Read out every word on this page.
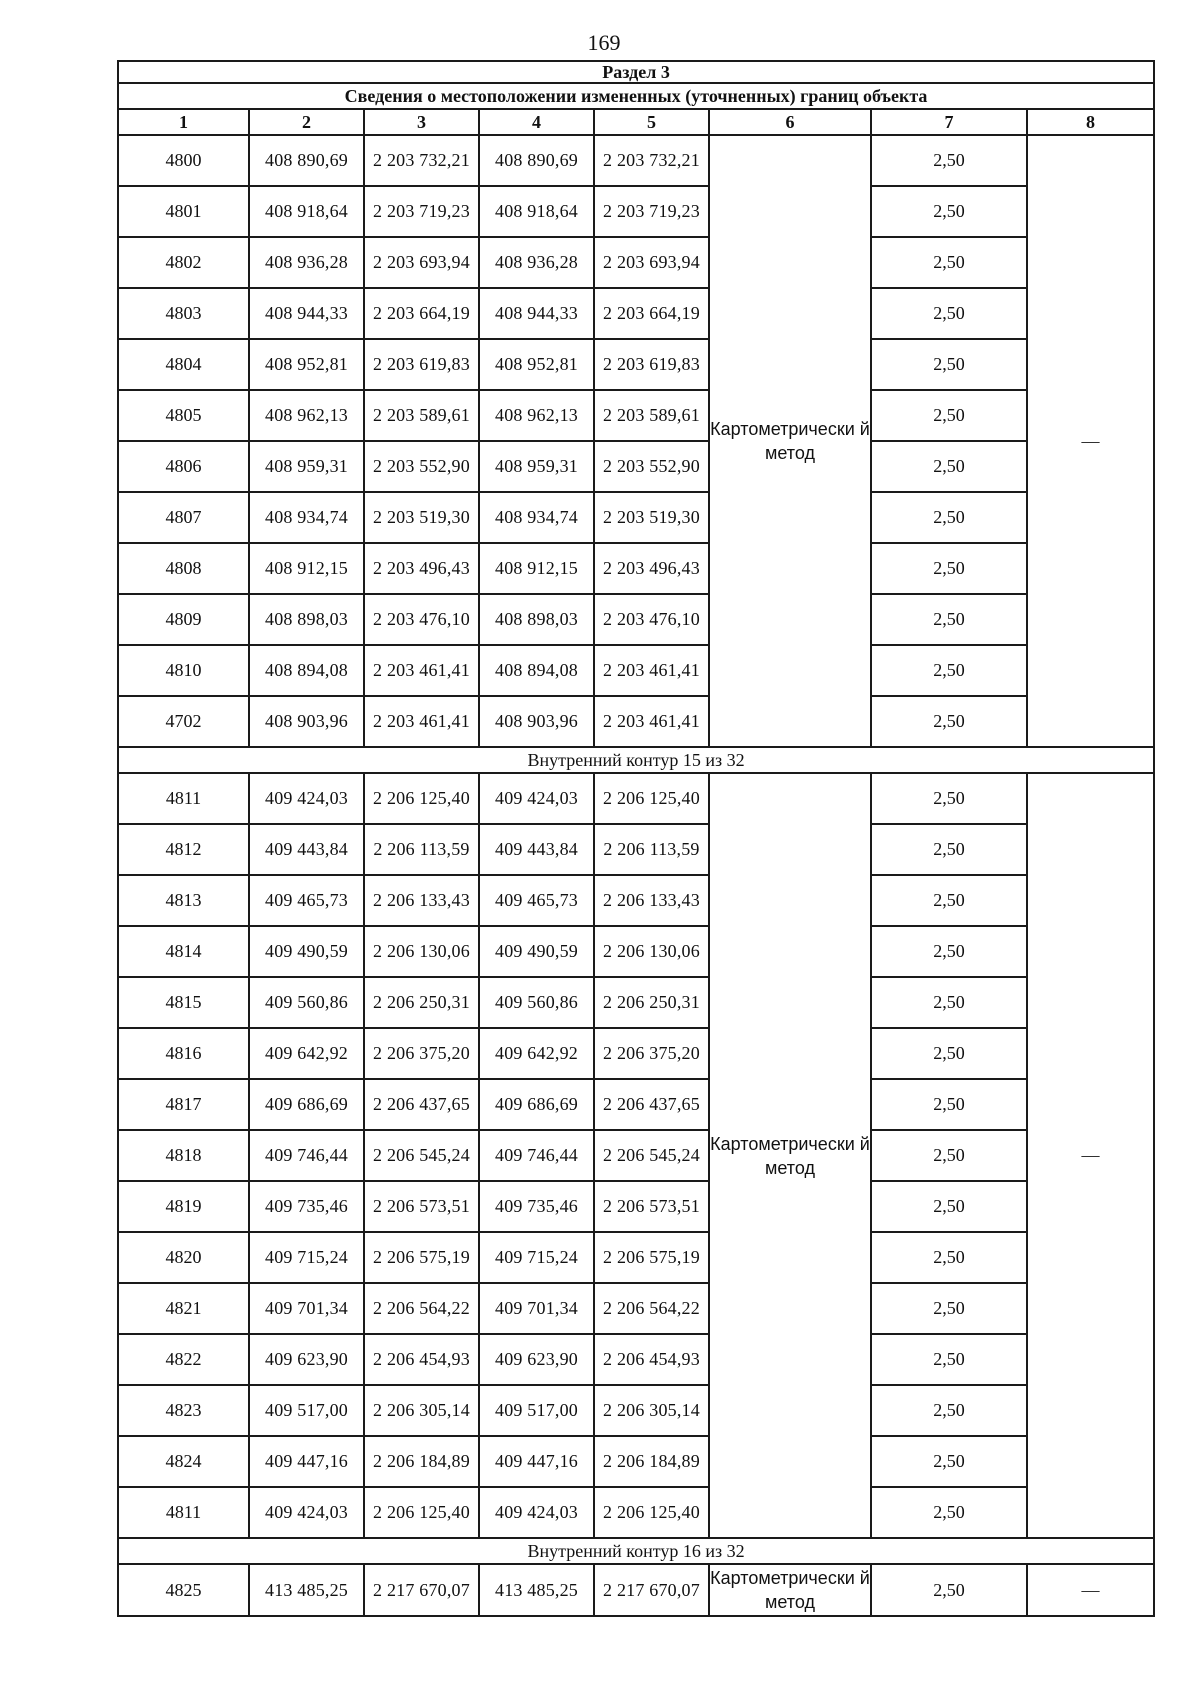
169
Раздел 3							
Сведения о местоположении измененных (уточненных) границ объекта							
1	2	3	4	5	6	7	8
4800	408 890,69	2 203 732,21	408 890,69	2 203 732,21	Картометрически й метод	2,50	—
4801	408 918,64	2 203 719,23	408 918,64	2 203 719,23		2,50	
4802	408 936,28	2 203 693,94	408 936,28	2 203 693,94		2,50	
4803	408 944,33	2 203 664,19	408 944,33	2 203 664,19		2,50	
4804	408 952,81	2 203 619,83	408 952,81	2 203 619,83		2,50	
4805	408 962,13	2 203 589,61	408 962,13	2 203 589,61		2,50	
4806	408 959,31	2 203 552,90	408 959,31	2 203 552,90		2,50	
4807	408 934,74	2 203 519,30	408 934,74	2 203 519,30		2,50	
4808	408 912,15	2 203 496,43	408 912,15	2 203 496,43		2,50	
4809	408 898,03	2 203 476,10	408 898,03	2 203 476,10		2,50	
4810	408 894,08	2 203 461,41	408 894,08	2 203 461,41		2,50	
4702	408 903,96	2 203 461,41	408 903,96	2 203 461,41		2,50	
Внутренний контур 15 из 32							
4811	409 424,03	2 206 125,40	409 424,03	2 206 125,40	Картометрически й метод	2,50	—
4812	409 443,84	2 206 113,59	409 443,84	2 206 113,59		2,50	
4813	409 465,73	2 206 133,43	409 465,73	2 206 133,43		2,50	
4814	409 490,59	2 206 130,06	409 490,59	2 206 130,06		2,50	
4815	409 560,86	2 206 250,31	409 560,86	2 206 250,31		2,50	
4816	409 642,92	2 206 375,20	409 642,92	2 206 375,20		2,50	
4817	409 686,69	2 206 437,65	409 686,69	2 206 437,65		2,50	
4818	409 746,44	2 206 545,24	409 746,44	2 206 545,24		2,50	
4819	409 735,46	2 206 573,51	409 735,46	2 206 573,51		2,50	
4820	409 715,24	2 206 575,19	409 715,24	2 206 575,19		2,50	
4821	409 701,34	2 206 564,22	409 701,34	2 206 564,22		2,50	
4822	409 623,90	2 206 454,93	409 623,90	2 206 454,93		2,50	
4823	409 517,00	2 206 305,14	409 517,00	2 206 305,14		2,50	
4824	409 447,16	2 206 184,89	409 447,16	2 206 184,89		2,50	
4811	409 424,03	2 206 125,40	409 424,03	2 206 125,40		2,50	
Внутренний контур 16 из 32							
4825	413 485,25	2 217 670,07	413 485,25	2 217 670,07	Картометрически й метод	2,50	—
